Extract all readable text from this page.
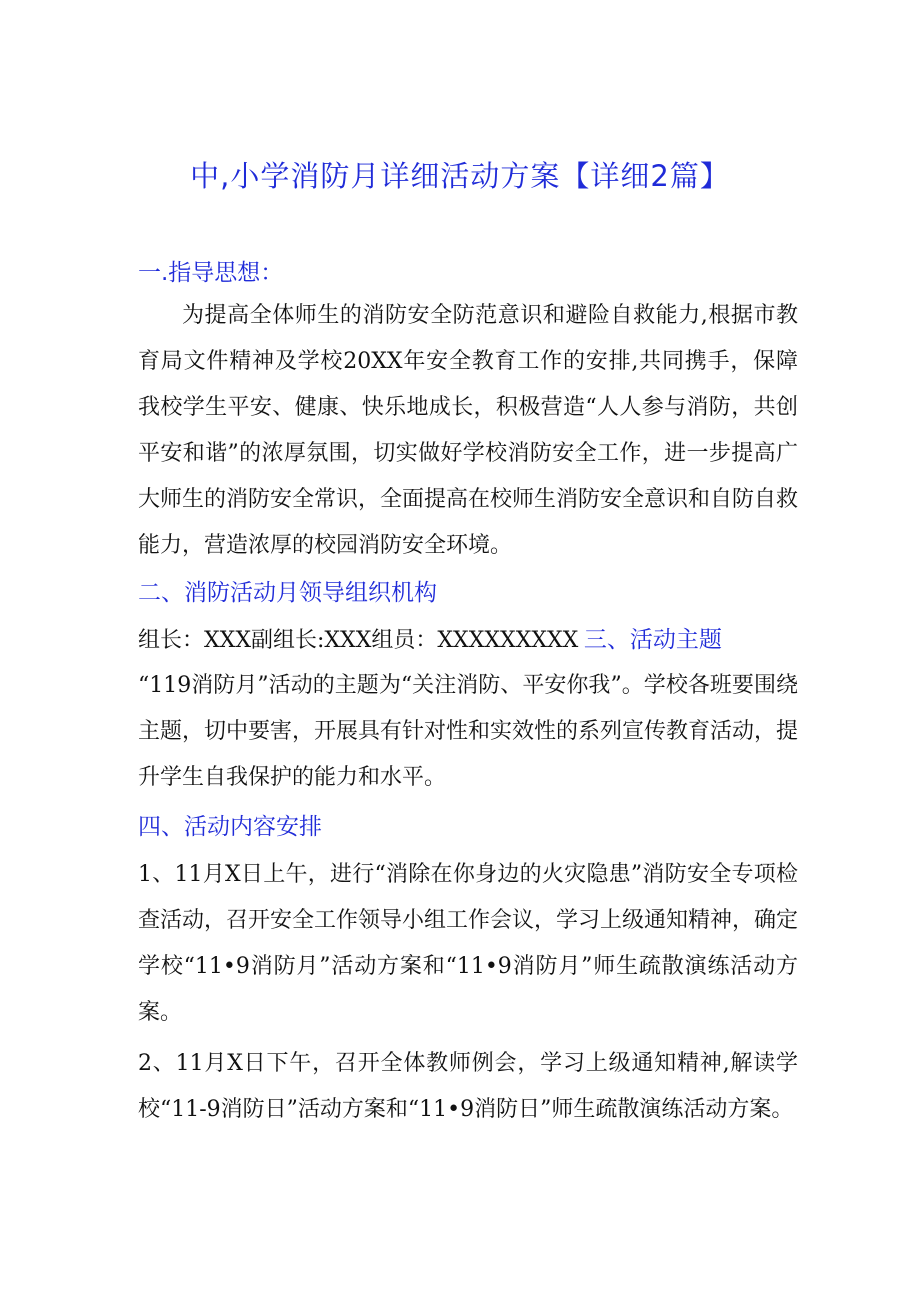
中,小学消防月详细活动方案【详细2篇】
一.指导思想：
为提高全体师生的消防安全防范意识和避险自救能力,根据市教育局文件精神及学校20XX年安全教育工作的安排,共同携手，保障我校学生平安、健康、快乐地成长，积极营造“人人参与消防，共创平安和谐”的浓厚氛围，切实做好学校消防安全工作，进一步提高广大师生的消防安全常识，全面提高在校师生消防安全意识和自防自救能力，营造浓厚的校园消防安全环境。
二、消防活动月领导组织机构
组长：XXX副组长:XXX组员：XXXXXXXXX 三、活动主题
“119消防月”活动的主题为“关注消防、平安你我”。学校各班要围绕主题，切中要害，开展具有针对性和实效性的系列宣传教育活动，提升学生自我保护的能力和水平。
四、活动内容安排
1、11月X日上午，进行“消除在你身边的火灾隐患”消防安全专项检查活动，召开安全工作领导小组工作会议，学习上级通知精神，确定学校“11•9消防月”活动方案和“11•9消防月”师生疏散演练活动方案。
2、11月X日下午，召开全体教师例会，学习上级通知精神,解读学校“11-9消防日”活动方案和“11•9消防日”师生疏散演练活动方案。
